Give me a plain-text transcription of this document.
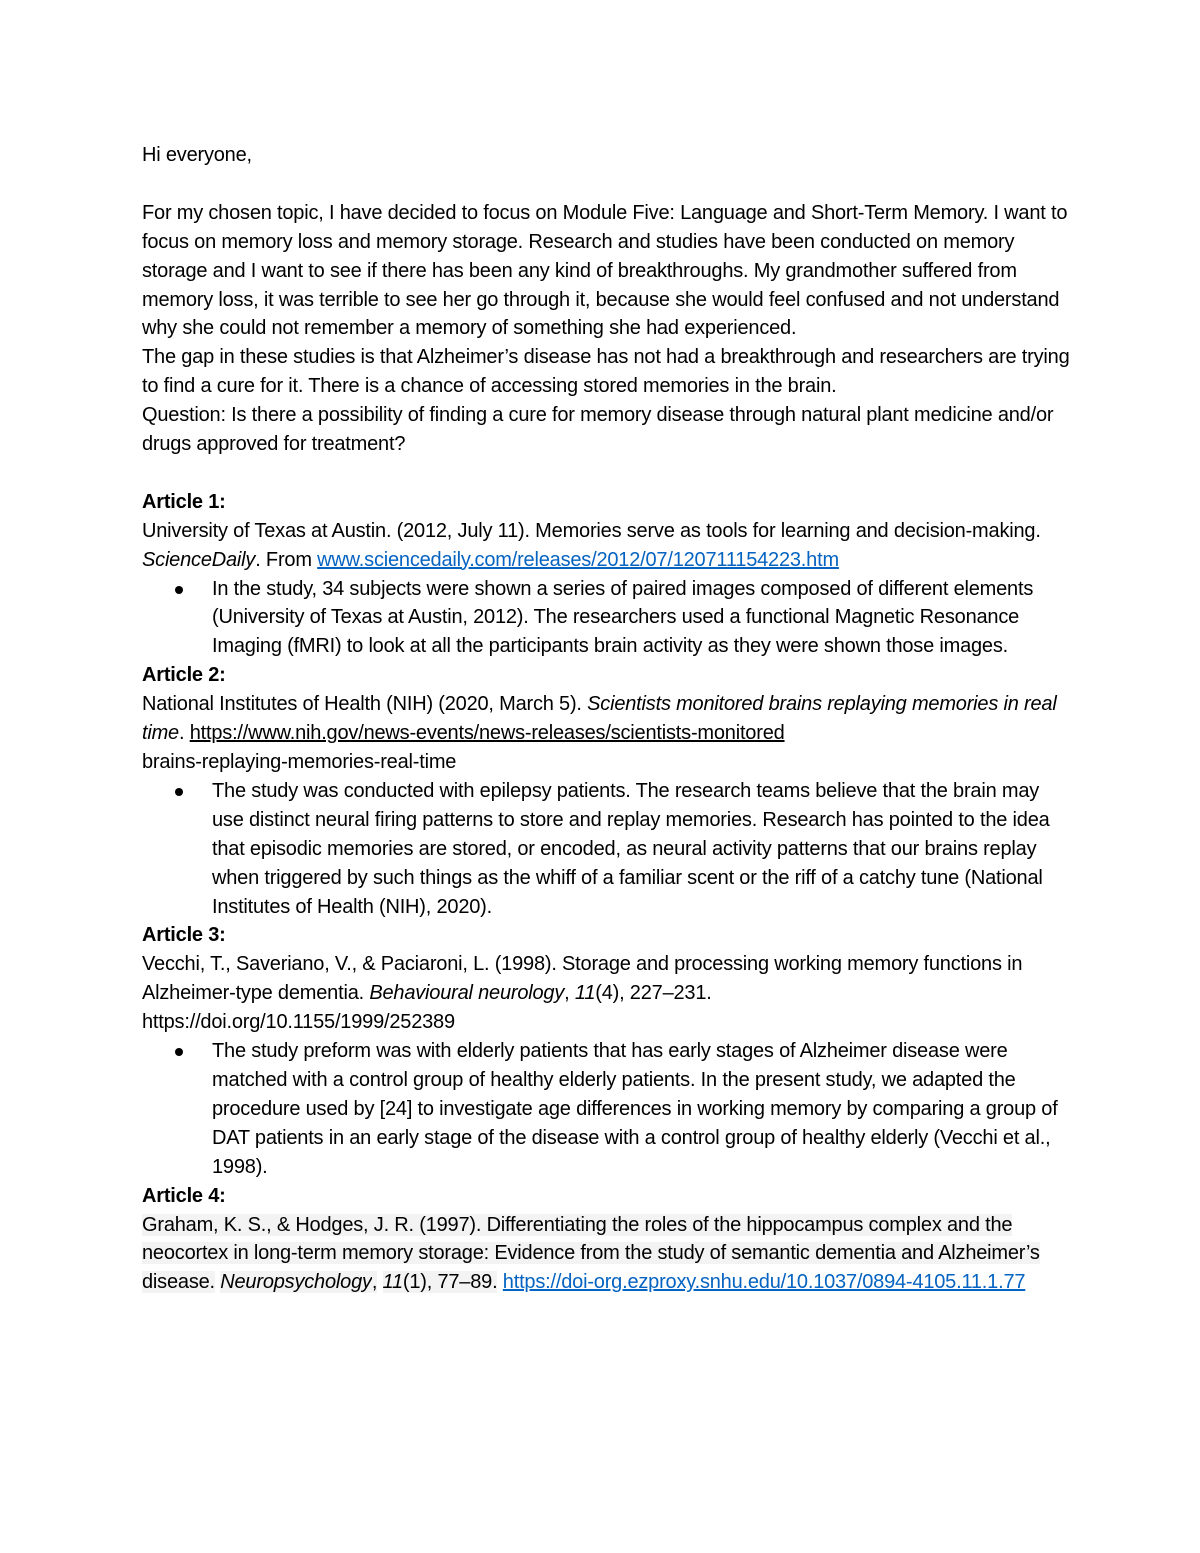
Hi everyone,

For my chosen topic, I have decided to focus on Module Five: Language and Short-Term Memory. I want to focus on memory loss and memory storage. Research and studies have been conducted on memory storage and I want to see if there has been any kind of breakthroughs. My grandmother suffered from memory loss, it was terrible to see her go through it, because she would feel confused and not understand why she could not remember a memory of something she had experienced.

The gap in these studies is that Alzheimer’s disease has not had a breakthrough and researchers are trying to find a cure for it. There is a chance of accessing stored memories in the brain.

Question: Is there a possibility of finding a cure for memory disease through natural plant medicine and/or drugs approved for treatment?

Article 1:

University of Texas at Austin. (2012, July 11). Memories serve as tools for learning and decision-making. ScienceDaily. From www.sciencedaily.com/releases/2012/07/120711154223.htm

In the study, 34 subjects were shown a series of paired images composed of different elements (University of Texas at Austin, 2012). The researchers used a functional Magnetic Resonance Imaging (fMRI) to look at all the participants brain activity as they were shown those images.

Article 2:

National Institutes of Health (NIH) (2020, March 5). Scientists monitored brains replaying memories in real time. https://www.nih.gov/news-events/news-releases/scientists-monitored
brains-replaying-memories-real-time

The study was conducted with epilepsy patients. The research teams believe that the brain may use distinct neural firing patterns to store and replay memories. Research has pointed to the idea that episodic memories are stored, or encoded, as neural activity patterns that our brains replay when triggered by such things as the whiff of a familiar scent or the riff of a catchy tune (National Institutes of Health (NIH), 2020).

Article 3:

Vecchi, T., Saveriano, V., & Paciaroni, L. (1998). Storage and processing working memory functions in Alzheimer-type dementia. Behavioural neurology, 11(4), 227–231.
https://doi.org/10.1155/1999/252389

The study preform was with elderly patients that has early stages of Alzheimer disease were matched with a control group of healthy elderly patients. In the present study, we adapted the procedure used by [24] to investigate age differences in working memory by comparing a group of DAT patients in an early stage of the disease with a control group of healthy elderly (Vecchi et al., 1998).

Article 4:

Graham, K. S., & Hodges, J. R. (1997). Differentiating the roles of the hippocampus complex and the neocortex in long-term memory storage: Evidence from the study of semantic dementia and Alzheimer’s disease. Neuropsychology, 11(1), 77–89. https://doi-org.ezproxy.snhu.edu/10.1037/0894-4105.11.1.77
